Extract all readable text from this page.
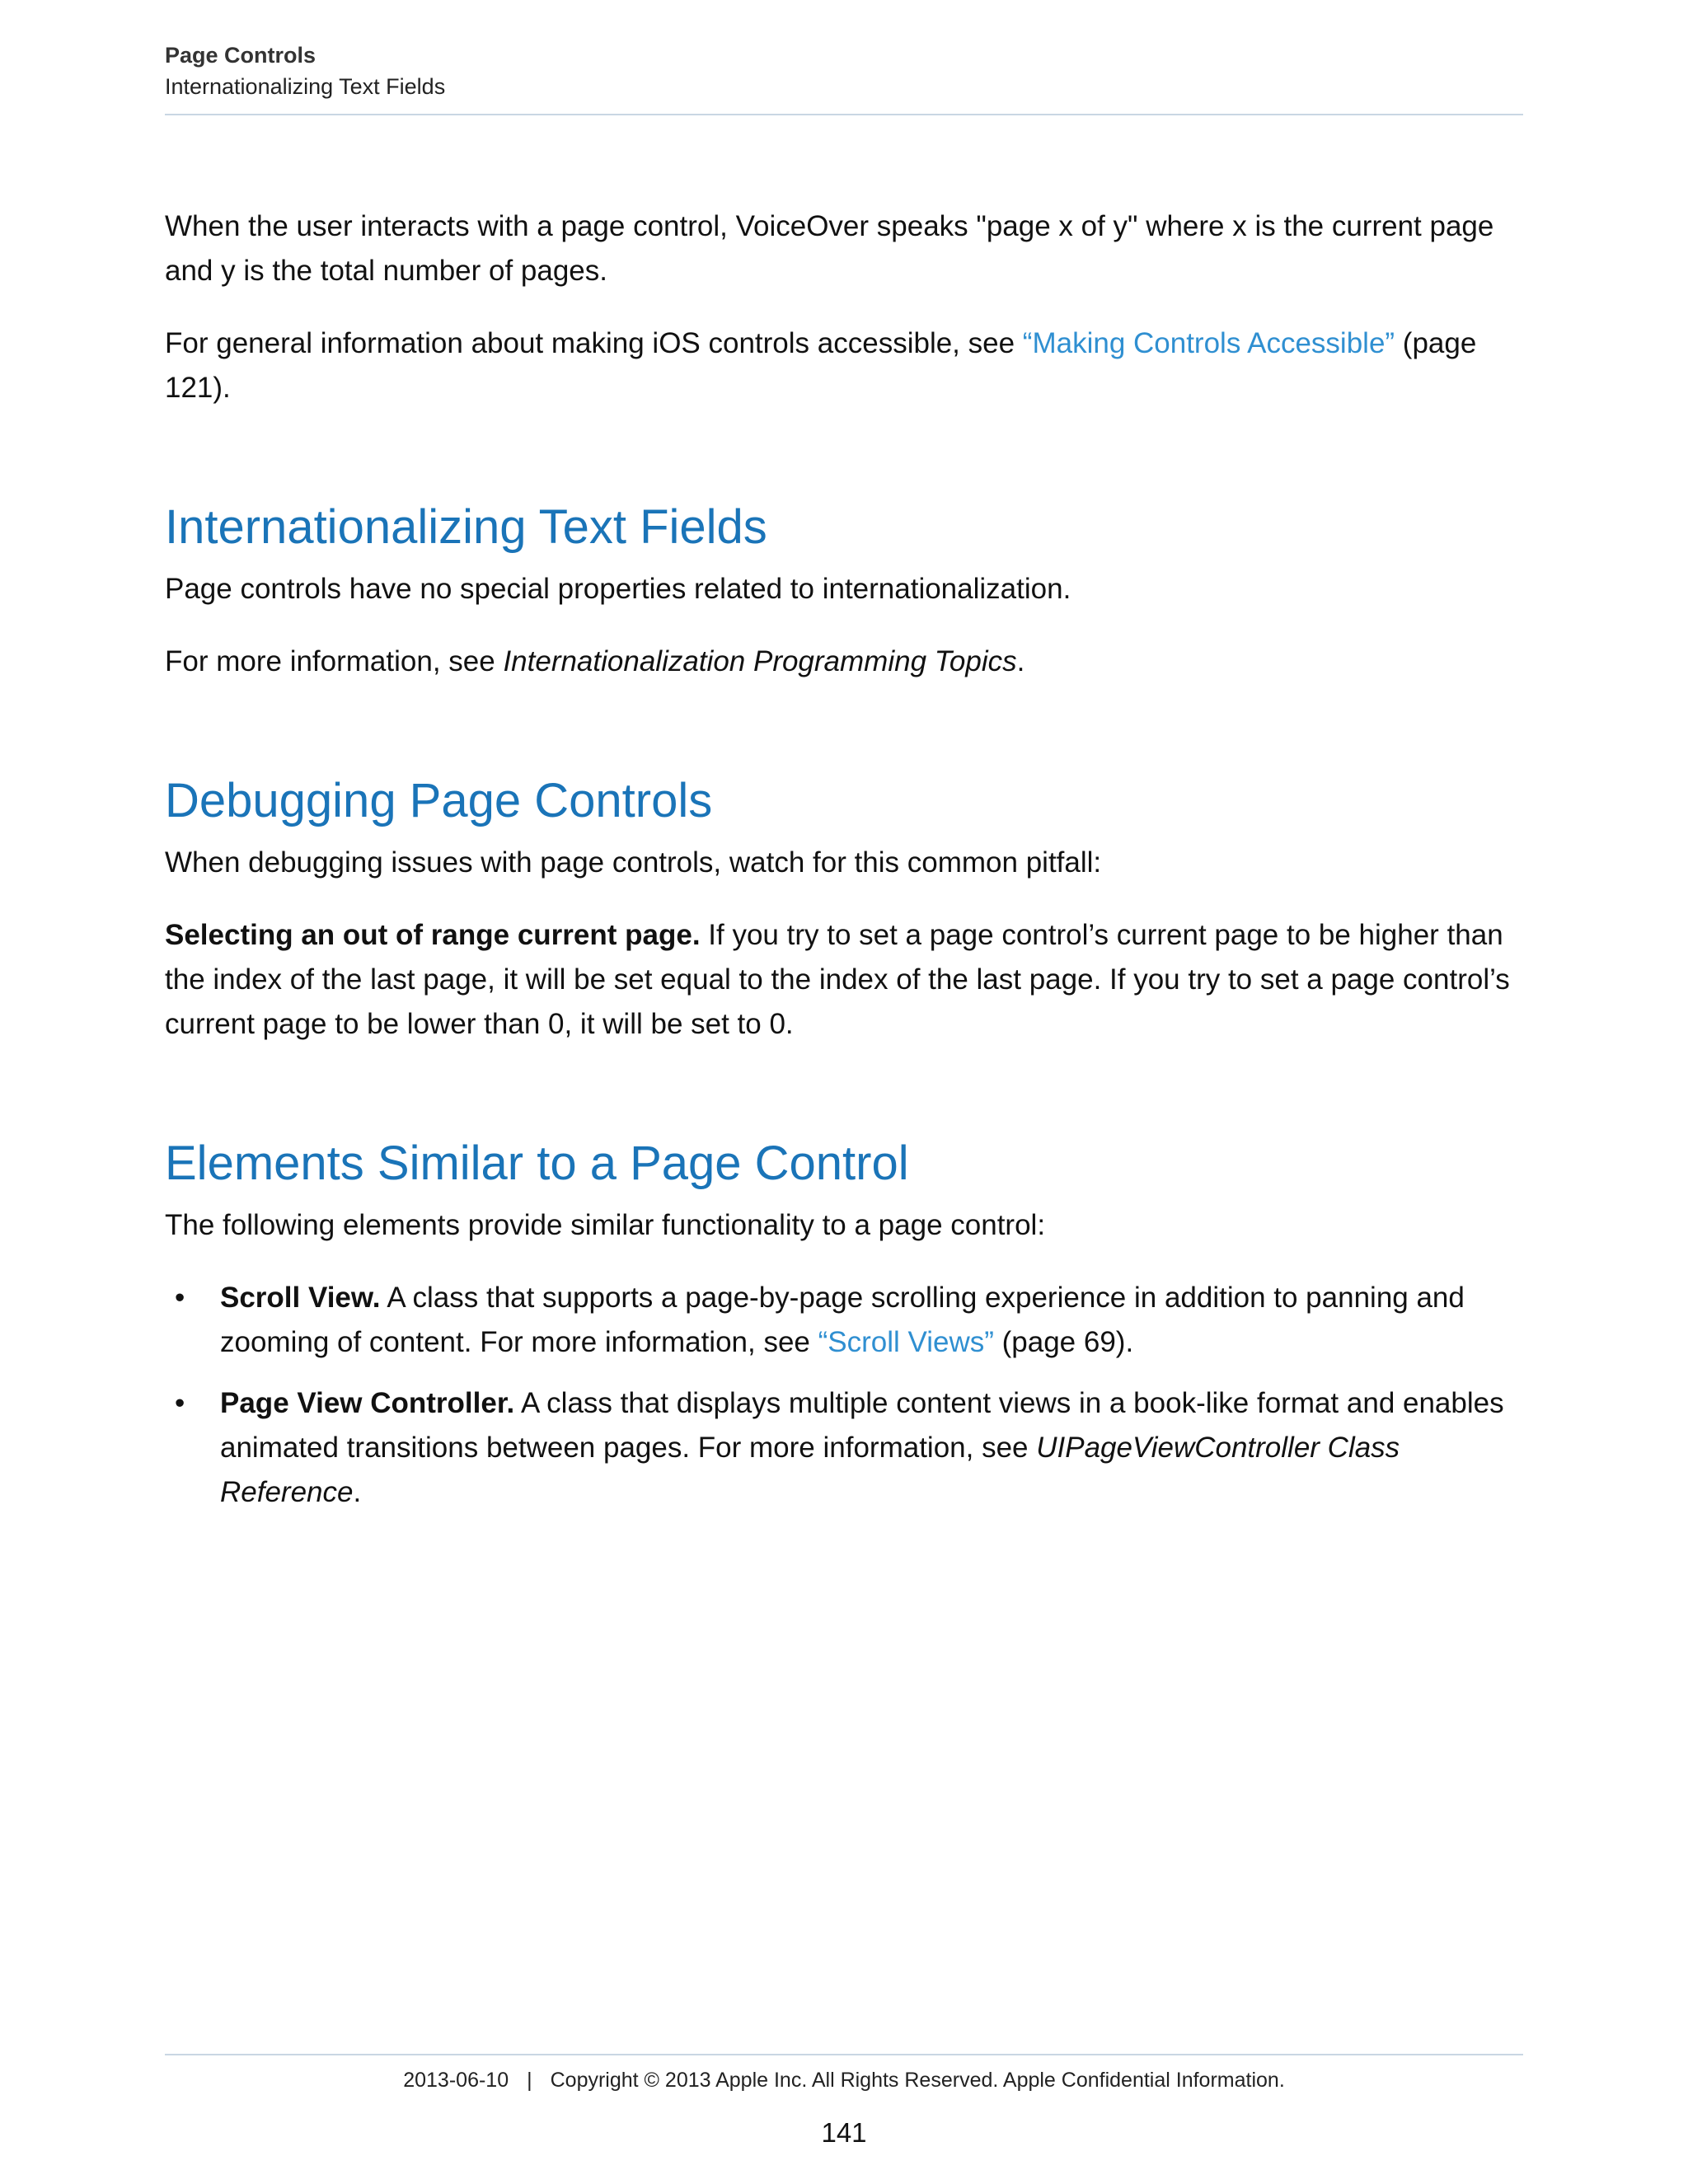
Page Controls

Internationalizing Text Fields

When the user interacts with a page control, VoiceOver speaks "page x of y" where x is the current page and y is the total number of pages.

For general information about making iOS controls accessible, see “Making Controls Accessible” (page 121).

Internationalizing Text Fields

Page controls have no special properties related to internationalization.

For more information, see Internationalization Programming Topics.

Debugging Page Controls

When debugging issues with page controls, watch for this common pitfall:

Selecting an out of range current page. If you try to set a page control’s current page to be higher than the index of the last page, it will be set equal to the index of the last page. If you try to set a page control’s current page to be lower than 0, it will be set to 0.

Elements Similar to a Page Control

The following elements provide similar functionality to a page control:

• Scroll View. A class that supports a page-by-page scrolling experience in addition to panning and zooming of content. For more information, see “Scroll Views” (page 69).
• Page View Controller. A class that displays multiple content views in a book-like format and enables animated transitions between pages. For more information, see UIPageViewController Class Reference.
2013-06-10 | Copyright © 2013 Apple Inc. All Rights Reserved. Apple Confidential Information.
141
